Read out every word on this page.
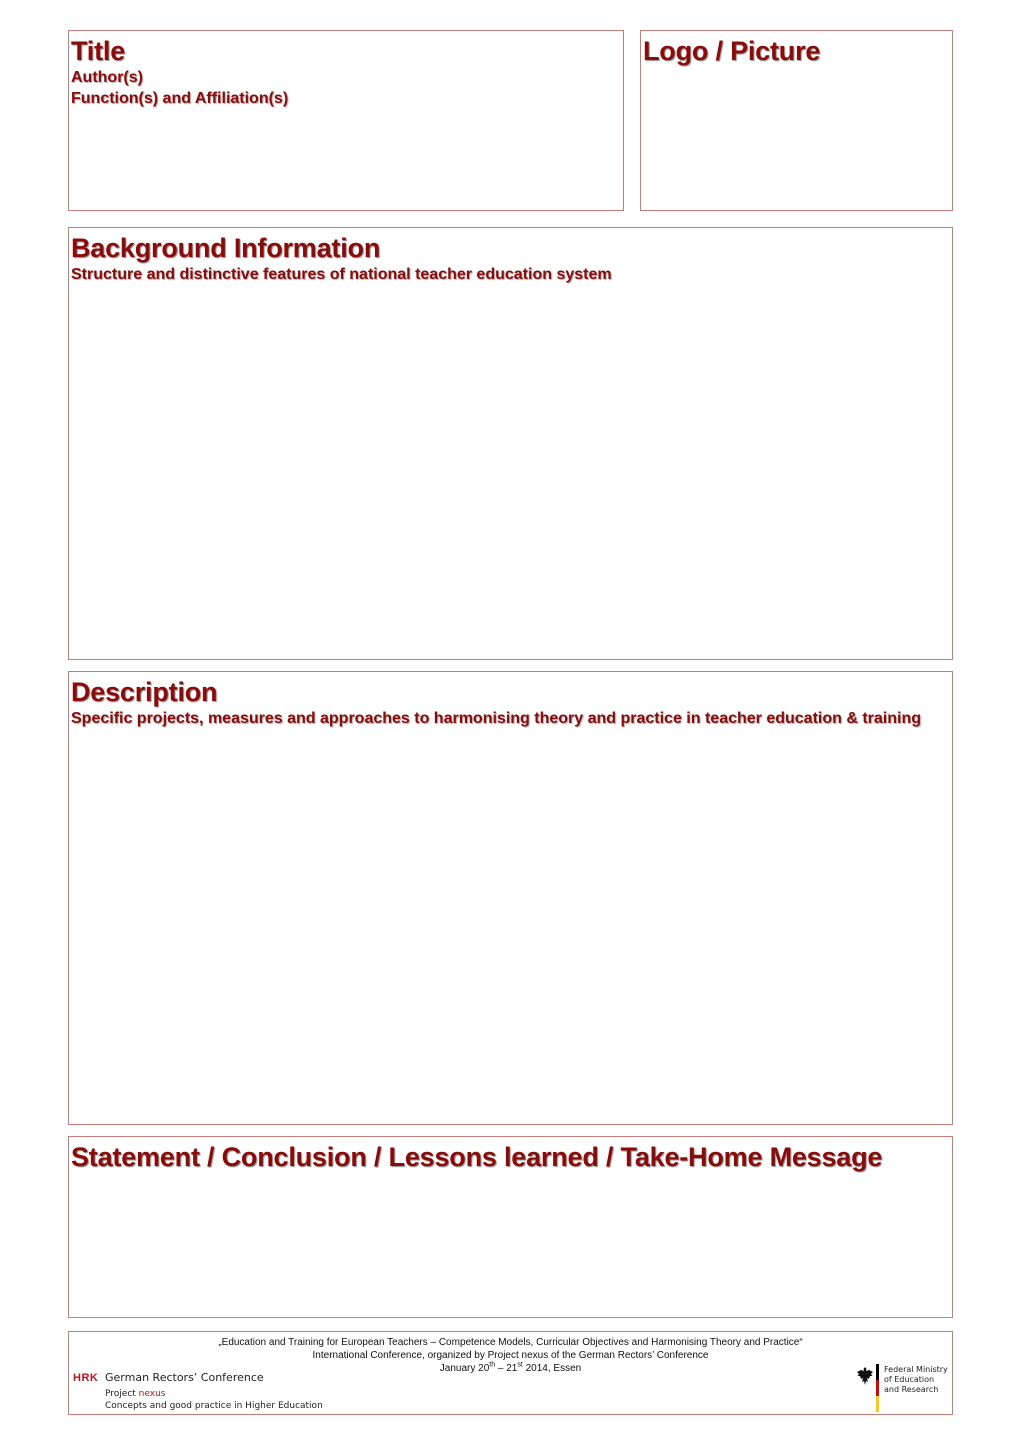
Title
Author(s)
Function(s) and Affiliation(s)
Logo / Picture
Background Information
Structure and distinctive features of national teacher education system
Description
Specific projects, measures and approaches to harmonising theory and practice in teacher education & training
Statement / Conclusion / Lessons learned / Take-Home Message
„Education and Training for European Teachers – Competence Models, Curricular Objectives and Harmonising Theory and Practice“
International Conference, organized by Project nexus of the German Rectors’ Conference
January 20th – 21st 2014, Essen
HRK German Rectors’ Conference
Project nexus
Concepts and good practice in Higher Education
Federal Ministry
of Education
and Research
